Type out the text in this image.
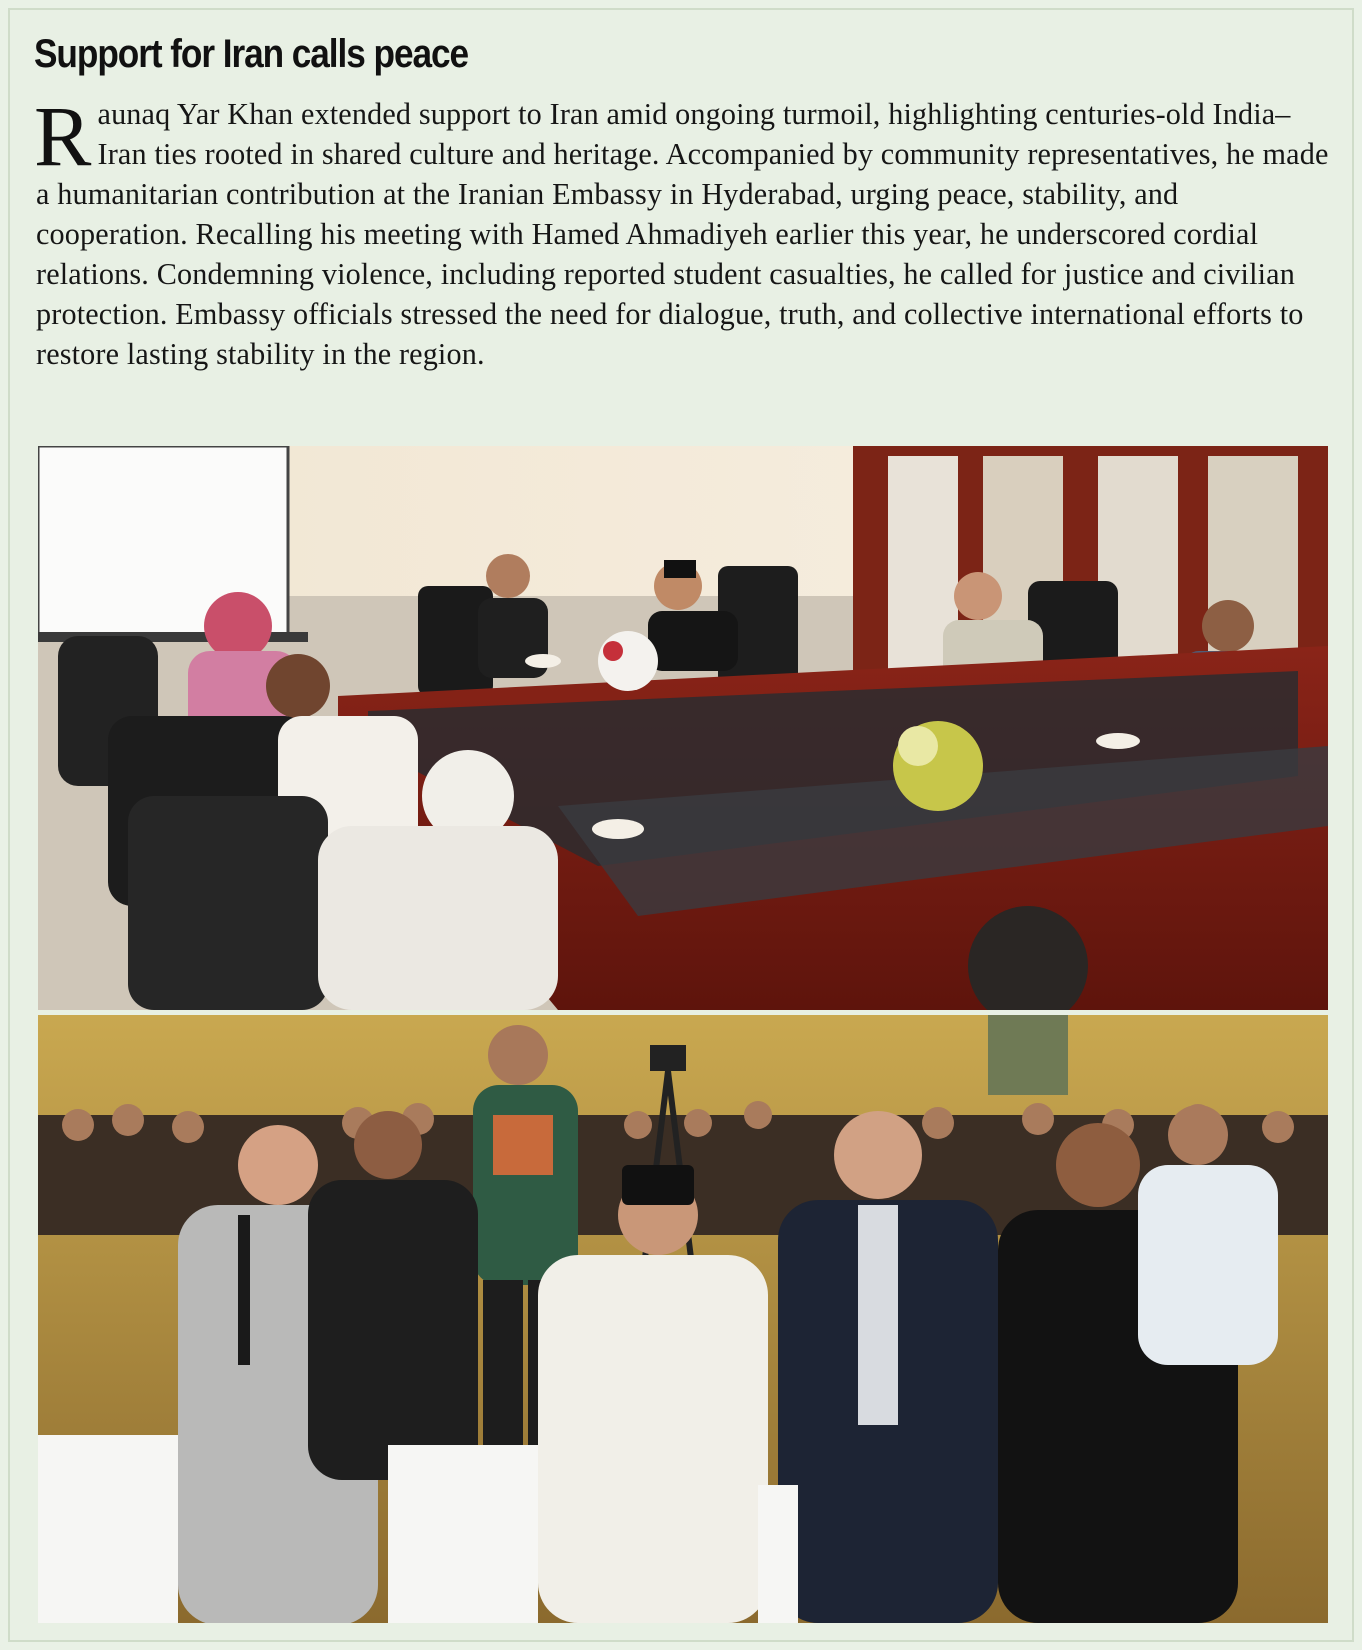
Support for Iran calls peace

Raunaq Yar Khan extended support to Iran amid ongoing turmoil, highlighting centuries-old India–Iran ties rooted in shared culture and heritage. Accompanied by community representatives, he made a humanitarian contribution at the Iranian Embassy in Hyderabad, urging peace, stability, and cooperation. Recalling his meeting with Hamed Ahmadiyeh earlier this year, he underscored cordial relations. Condemning violence, including reported student casualties, he called for justice and civilian protection. Embassy officials stressed the need for dialogue, truth, and collective international efforts to restore lasting stability in the region.
